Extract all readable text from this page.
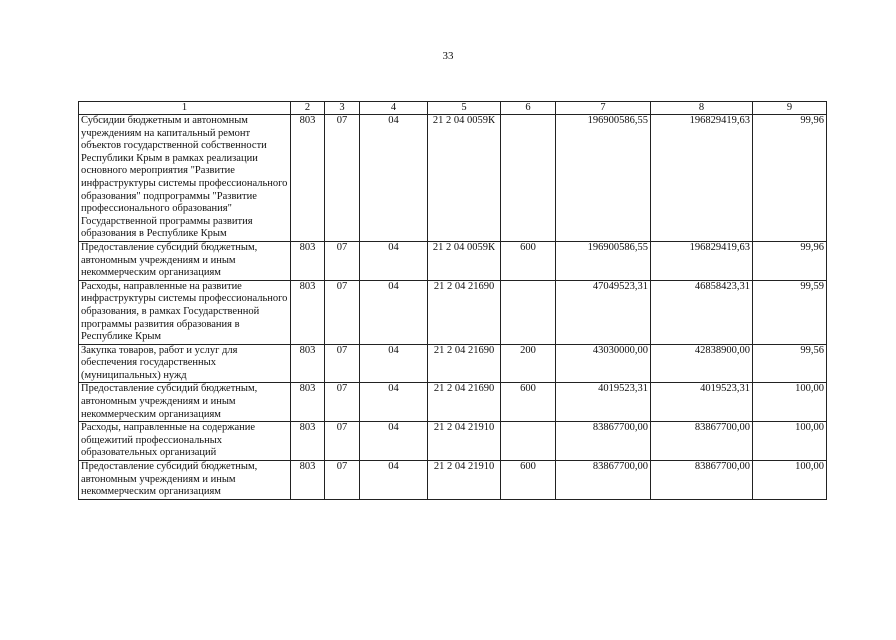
33
1	2	3	4	5	6	7	8	9
Субсидии бюджетным и автономным учреждениям на капитальный ремонт объектов государственной собственности Республики Крым в рамках реализации основного мероприятия "Развитие инфраструктуры системы профессионального образования" подпрограммы "Развитие профессионального образования" Государственной программы развития образования в Республике Крым	803	07	04	21 2 04 0059К		196900586,55	196829419,63	99,96
Предоставление субсидий бюджетным, автономным учреждениям и иным некоммерческим организациям	803	07	04	21 2 04 0059К	600	196900586,55	196829419,63	99,96
Расходы, направленные на развитие инфраструктуры системы профессионального образования, в рамках Государственной программы развития образования в Республике Крым	803	07	04	21 2 04 21690		47049523,31	46858423,31	99,59
Закупка товаров, работ и услуг для обеспечения государственных (муниципальных) нужд	803	07	04	21 2 04 21690	200	43030000,00	42838900,00	99,56
Предоставление субсидий бюджетным, автономным учреждениям и иным некоммерческим организациям	803	07	04	21 2 04 21690	600	4019523,31	4019523,31	100,00
Расходы, направленные на содержание общежитий профессиональных образовательных организаций	803	07	04	21 2 04 21910		83867700,00	83867700,00	100,00
Предоставление субсидий бюджетным, автономным учреждениям и иным некоммерческим организациям	803	07	04	21 2 04 21910	600	83867700,00	83867700,00	100,00
